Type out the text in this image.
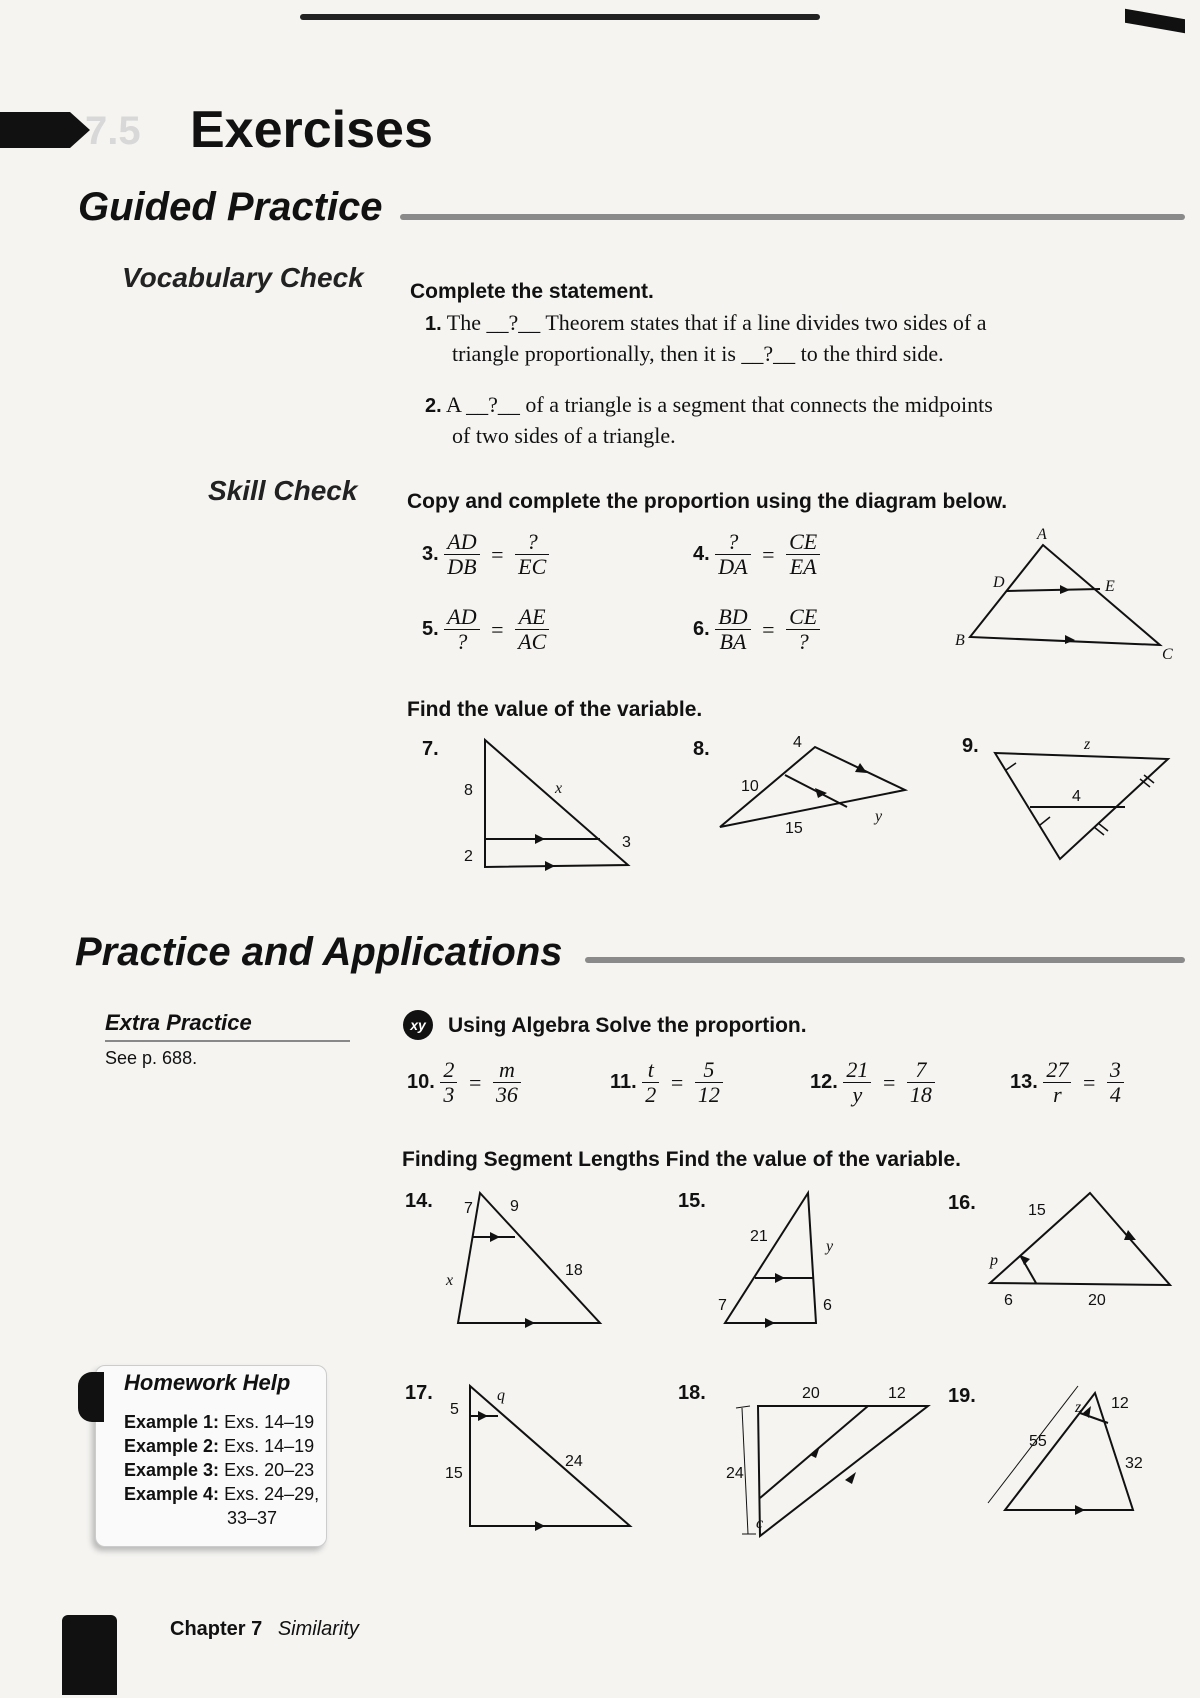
7.5 Exercises
Guided Practice
Vocabulary Check Complete the statement.
1. The __?__ Theorem states that if a line divides two sides of a
triangle proportionally, then it is __?__ to the third side.
2. A __?__ of a triangle is a segment that connects the midpoints
of two sides of a triangle.
Skill Check Copy and complete the proportion using the diagram below.
3. $\frac{AD}{DB} = \frac{?}{EC}$	4. $\frac{?}{DA} = \frac{CE}{EA}$
5. $\frac{AD}{?} = \frac{AE}{AC}$	6. $\frac{BD}{BA} = \frac{CE}{?}$
A
B
C
D	E
Find the value of the variable.
7.
8	x
2
3
8.	4
10
15
y
9.	z
4
Practice and Applications
Extra Practice
See p. 688.
xy	Using Algebra Solve the proportion.
10. $\frac{2}{3} = \frac{m}{36}$	11. $\frac{t}{2} = \frac{5}{12}$	12. $\frac{21}{y} = \frac{7}{18}$	13. $\frac{27}{r} = \frac{3}{4}$
Finding Segment Lengths Find the value of the variable.
14. 7 9
x
18
15.
21
y
7	6
16.	15
p
6	20
17.
5
q
15
24
18.	20	12
24
c
19.
z 12
55
32
Homework Help
Example 1: Exs. 14–19
Example 2: Exs. 14–19
Example 3: Exs. 20–23
Example 4: Exs. 24–29,
33–37
Chapter 7 Similarity
